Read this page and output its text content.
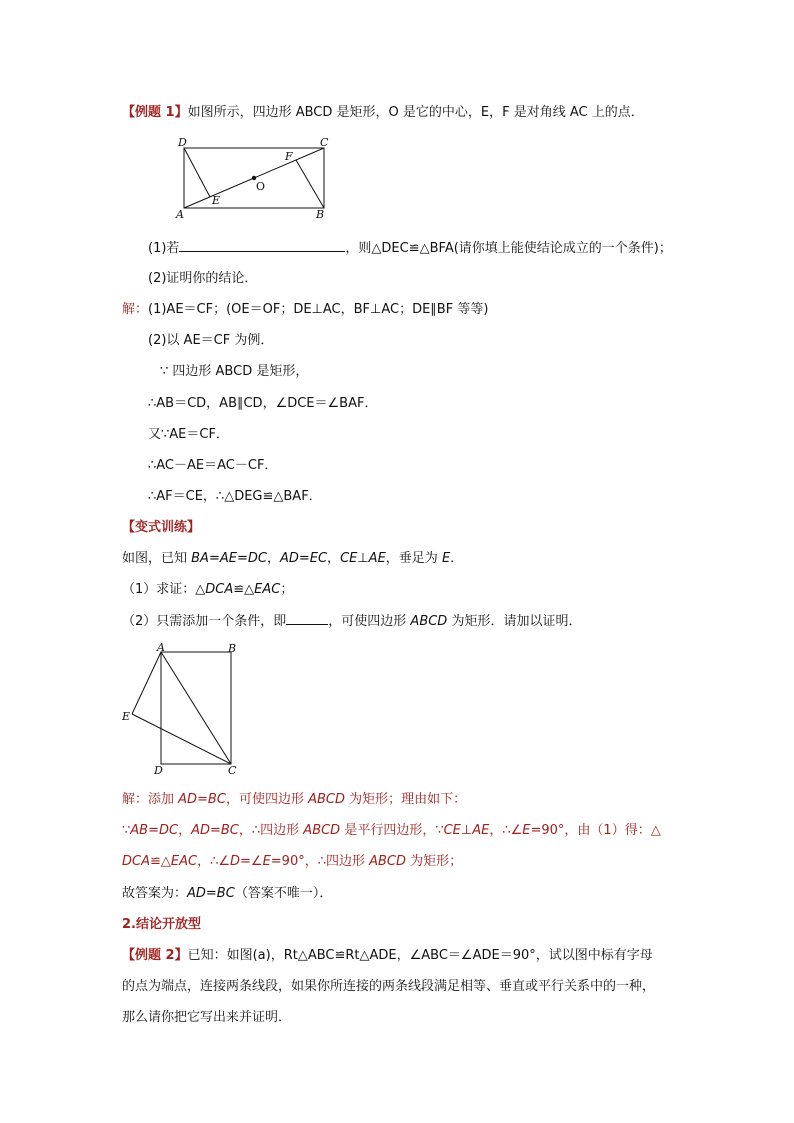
【例题 1】如图所示，四边形 ABCD 是矩形，O 是它的中心，E，F 是对角线 AC 上的点．
D	C
F
O
E
A	B
(1)若	，则△DEC≌△BFA(请你填上能使结论成立的一个条件)；
(2)证明你的结论．
解：(1)AE＝CF；(OE＝OF；DE⊥AC，BF⊥AC；DE∥BF 等等)
(2)以 AE＝CF 为例．
∵ 四边形 ABCD 是矩形，
∴AB＝CD，AB∥CD，∠DCE＝∠BAF．
又∵AE＝CF．
∴AC－AE＝AC－CF．
∴AF＝CE，∴△DEG≌△BAF．
【变式训练】
如图，已知 BA=AE=DC，AD=EC，CE⊥AE，垂足为 E．
（1）求证：△DCA≌△EAC；
（2）只需添加一个条件，即	，可使四边形 ABCD 为矩形．请加以证明．
A	B
E
D	C
解：添加 AD=BC，可使四边形 ABCD 为矩形；理由如下：
∵AB=DC，AD=BC，∴四边形 ABCD 是平行四边形，∵CE⊥AE，∴∠E=90°，由（1）得：△
DCA≌△EAC，∴∠D=∠E=90°，∴四边形 ABCD 为矩形；
故答案为：AD=BC（答案不唯一）．
2.结论开放型
【例题 2】已知：如图(a)，Rt△ABC≌Rt△ADE，∠ABC＝∠ADE＝90°，试以图中标有字母
的点为端点，连接两条线段，如果你所连接的两条线段满足相等、垂直或平行关系中的一种，
那么请你把它写出来并证明．
